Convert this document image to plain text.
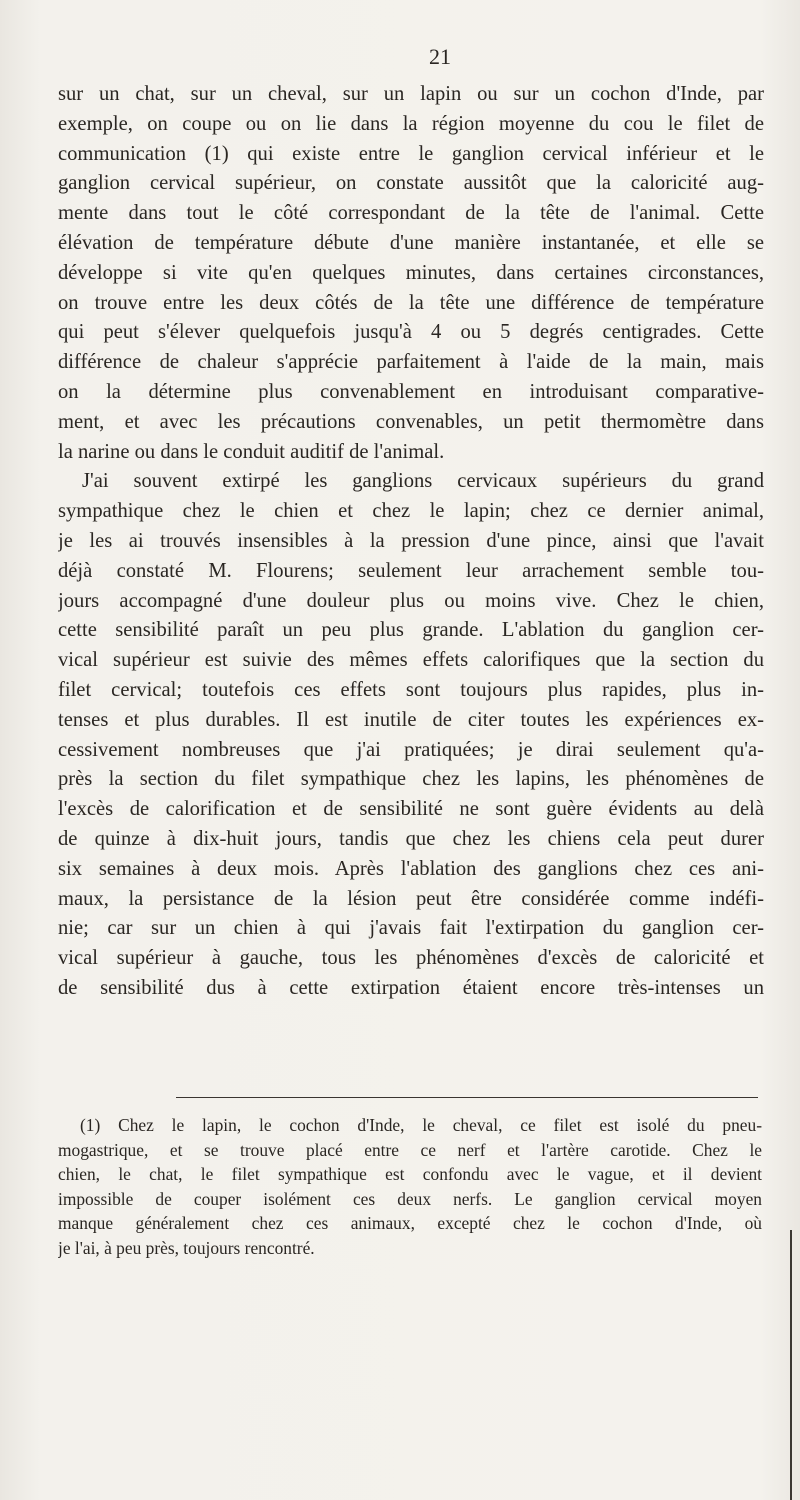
21
sur un chat, sur un cheval, sur un lapin ou sur un cochon d'Inde, par
exemple, on coupe ou on lie dans la région moyenne du cou le filet de
communication (1) qui existe entre le ganglion cervical inférieur et le
ganglion cervical supérieur, on constate aussitôt que la caloricité aug-
mente dans tout le côté correspondant de la tête de l'animal. Cette
élévation de température débute d'une manière instantanée, et elle se
développe si vite qu'en quelques minutes, dans certaines circonstances,
on trouve entre les deux côtés de la tête une différence de température
qui peut s'élever quelquefois jusqu'à 4 ou 5 degrés centigrades. Cette
différence de chaleur s'apprécie parfaitement à l'aide de la main, mais
on la détermine plus convenablement en introduisant comparative-
ment, et avec les précautions convenables, un petit thermomètre dans
la narine ou dans le conduit auditif de l'animal.
J'ai souvent extirpé les ganglions cervicaux supérieurs du grand
sympathique chez le chien et chez le lapin; chez ce dernier animal,
je les ai trouvés insensibles à la pression d'une pince, ainsi que l'avait
déjà constaté M. Flourens; seulement leur arrachement semble tou-
jours accompagné d'une douleur plus ou moins vive. Chez le chien,
cette sensibilité paraît un peu plus grande. L'ablation du ganglion cer-
vical supérieur est suivie des mêmes effets calorifiques que la section du
filet cervical; toutefois ces effets sont toujours plus rapides, plus in-
tenses et plus durables. Il est inutile de citer toutes les expériences ex-
cessivement nombreuses que j'ai pratiquées; je dirai seulement qu'a-
près la section du filet sympathique chez les lapins, les phénomènes de
l'excès de calorification et de sensibilité ne sont guère évidents au delà
de quinze à dix-huit jours, tandis que chez les chiens cela peut durer
six semaines à deux mois. Après l'ablation des ganglions chez ces ani-
maux, la persistance de la lésion peut être considérée comme indéfi-
nie; car sur un chien à qui j'avais fait l'extirpation du ganglion cer-
vical supérieur à gauche, tous les phénomènes d'excès de caloricité et
de sensibilité dus à cette extirpation étaient encore très-intenses un
(1) Chez le lapin, le cochon d'Inde, le cheval, ce filet est isolé du pneu-
mogastrique, et se trouve placé entre ce nerf et l'artère carotide. Chez le
chien, le chat, le filet sympathique est confondu avec le vague, et il devient
impossible de couper isolément ces deux nerfs. Le ganglion cervical moyen
manque généralement chez ces animaux, excepté chez le cochon d'Inde, où
je l'ai, à peu près, toujours rencontré.
